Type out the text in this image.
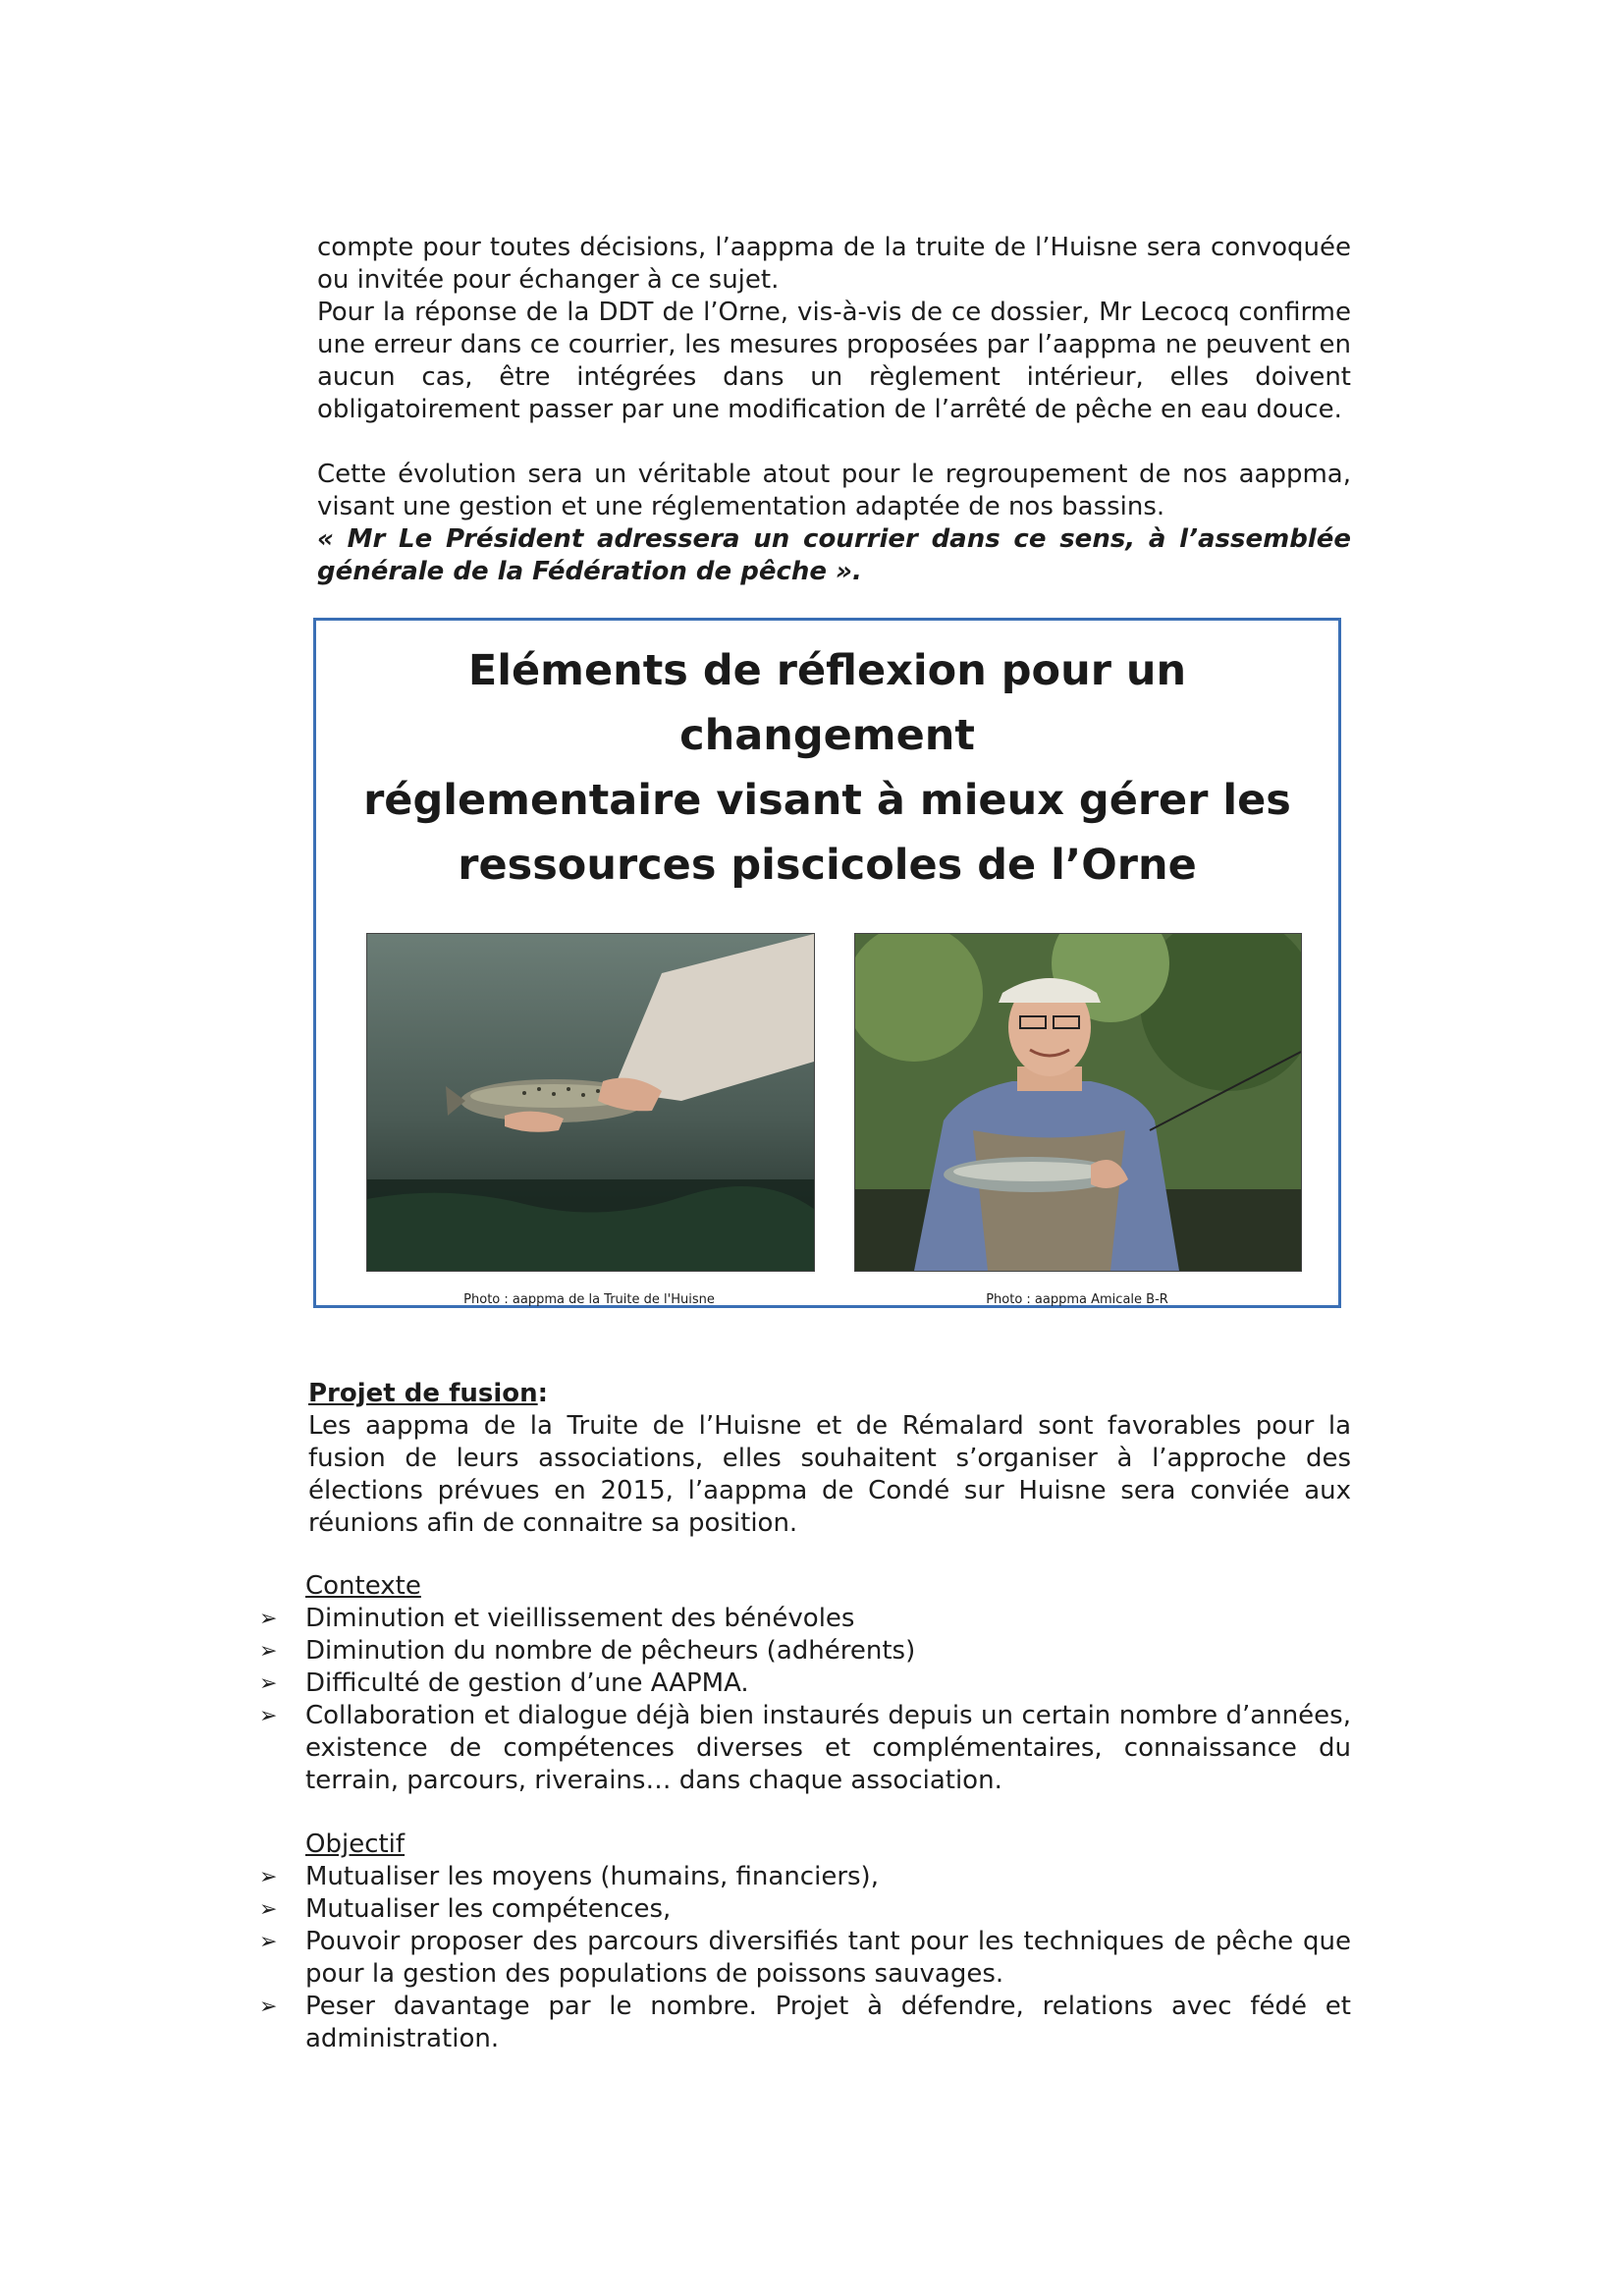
compte pour toutes décisions, l’aappma de la truite de l’Huisne sera convoquée ou invitée pour échanger à ce sujet.

Pour la réponse de la DDT de l’Orne, vis-à-vis de ce dossier, Mr Lecocq confirme une erreur dans ce courrier, les mesures proposées par l’aappma ne peuvent en aucun cas, être intégrées dans un règlement intérieur, elles doivent obligatoirement passer par une modification de l’arrêté de pêche en eau douce.

Cette évolution sera un véritable atout pour le regroupement de nos aappma, visant une gestion et une réglementation adaptée de nos bassins.

« Mr Le Président adressera un courrier dans ce sens, à l’assemblée générale de la Fédération de pêche ».

Eléments de réflexion pour un changement
réglementaire visant à mieux gérer les
ressources piscicoles de l’Orne
Photo : aappma de la Truite de l'Huisne	Photo : aappma Amicale B-R
Projet de fusion:

Les aappma de la Truite de l’Huisne et de Rémalard sont favorables pour la fusion de leurs associations, elles souhaitent s’organiser à l’approche des élections prévues en 2015, l’aappma de Condé sur Huisne sera conviée aux réunions afin de connaitre sa position.

Contexte
➢ Diminution et vieillissement des bénévoles
➢ Diminution du nombre de pêcheurs (adhérents)
➢ Difficulté de gestion d’une AAPMA.
➢ Collaboration et dialogue déjà bien instaurés depuis un certain nombre d’années, existence de compétences diverses et complémentaires, connaissance du terrain, parcours, riverains… dans chaque association.
Objectif
➢ Mutualiser les moyens (humains, financiers),
➢ Mutualiser les compétences,
➢ Pouvoir proposer des parcours diversifiés tant pour les techniques de pêche que pour la gestion des populations de poissons sauvages.
➢ Peser davantage par le nombre. Projet à défendre, relations avec fédé et administration.
